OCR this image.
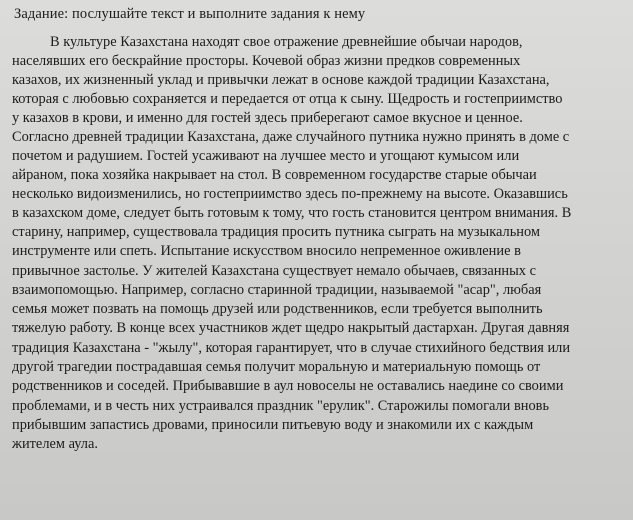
Задание: послушайте текст и выполните задания к нему
В культуре Казахстана находят свое отражение древнейшие обычаи народов,
населявших его бескрайние просторы. Кочевой образ жизни предков современных
казахов, их жизненный уклад и привычки лежат в основе каждой традиции Казахстана,
которая с любовью сохраняется и передается от отца к сыну. Щедрость и гостеприимство
у казахов в крови, и именно для гостей здесь приберегают самое вкусное и ценное.
Согласно древней традиции Казахстана, даже случайного путника нужно принять в доме с
почетом и радушием. Гостей усаживают на лучшее место и угощают кумысом или
айраном, пока хозяйка накрывает на стол. В современном государстве старые обычаи
несколько видоизменились, но гостеприимство здесь по-прежнему на высоте. Оказавшись
в казахском доме, следует быть готовым к тому, что гость становится центром внимания. В
старину, например, существовала традиция просить путника сыграть на музыкальном
инструменте или спеть. Испытание искусством вносило непременное оживление в
привычное застолье. У жителей Казахстана существует немало обычаев, связанных с
взаимопомощью. Например, согласно старинной традиции, называемой "асар", любая
семья может позвать на помощь друзей или родственников, если требуется выполнить
тяжелую работу. В конце всех участников ждет щедро накрытый дастархан. Другая давняя
традиция Казахстана - "жылу", которая гарантирует, что в случае стихийного бедствия или
другой трагедии пострадавшая семья получит моральную и материальную помощь от
родственников и соседей. Прибывавшие в аул новоселы не оставались наедине со своими
проблемами, и в честь них устраивался праздник "ерулик". Старожилы помогали вновь
прибывшим запастись дровами, приносили питьевую воду и знакомили их с каждым
жителем аула.
